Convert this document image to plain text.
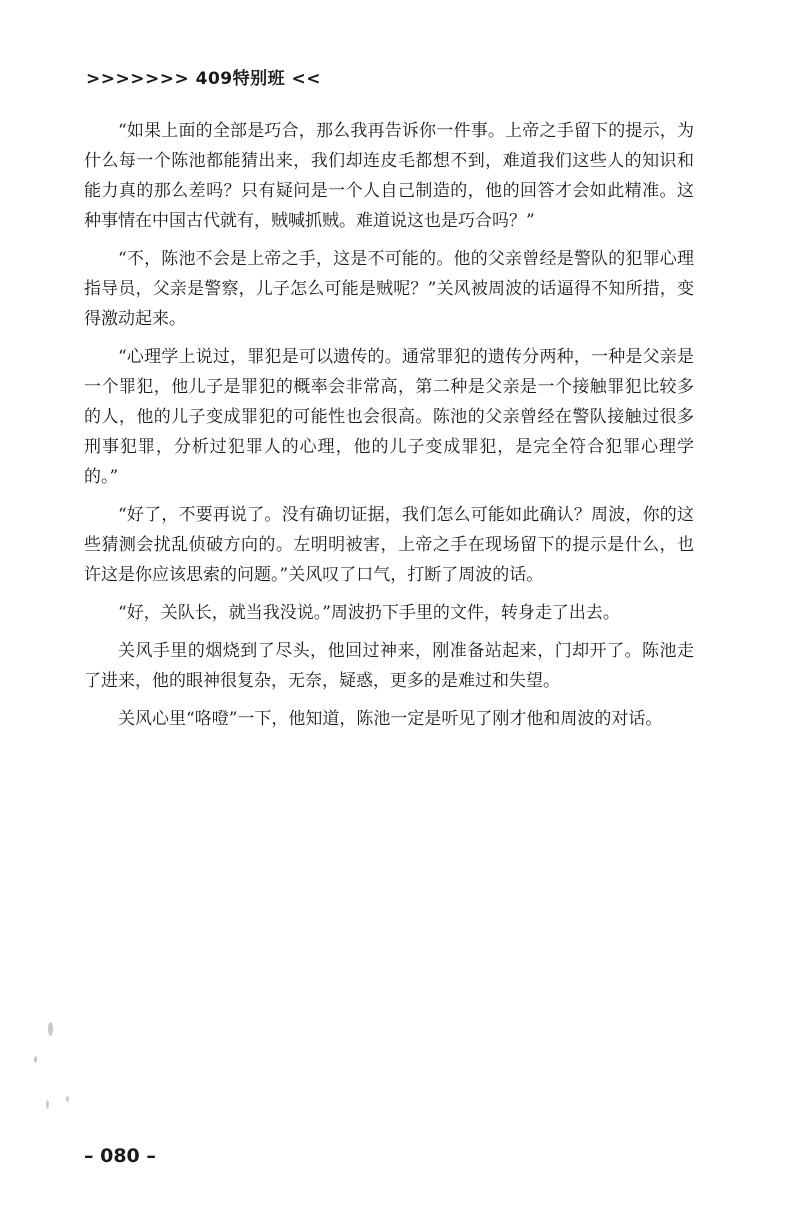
>>>>>>> 409特别班 <<

“如果上面的全部是巧合，那么我再告诉你一件事。上帝之手留下的提示，为什么每一个陈池都能猜出来，我们却连皮毛都想不到，难道我们这些人的知识和能力真的那么差吗？只有疑问是一个人自己制造的，他的回答才会如此精准。这种事情在中国古代就有，贼喊抓贼。难道说这也是巧合吗？”

“不，陈池不会是上帝之手，这是不可能的。他的父亲曾经是警队的犯罪心理指导员，父亲是警察，儿子怎么可能是贼呢？”关风被周波的话逼得不知所措，变得激动起来。

“心理学上说过，罪犯是可以遗传的。通常罪犯的遗传分两种，一种是父亲是一个罪犯，他儿子是罪犯的概率会非常高，第二种是父亲是一个接触罪犯比较多的人，他的儿子变成罪犯的可能性也会很高。陈池的父亲曾经在警队接触过很多刑事犯罪，分析过犯罪人的心理，他的儿子变成罪犯，是完全符合犯罪心理学的。”

“好了，不要再说了。没有确切证据，我们怎么可能如此确认？周波，你的这些猜测会扰乱侦破方向的。左明明被害，上帝之手在现场留下的提示是什么，也许这是你应该思索的问题。”关风叹了口气，打断了周波的话。

“好，关队长，就当我没说。”周波扔下手里的文件，转身走了出去。

关风手里的烟烧到了尽头，他回过神来，刚准备站起来，门却开了。陈池走了进来，他的眼神很复杂，无奈，疑惑，更多的是难过和失望。

关风心里“咯噔”一下，他知道，陈池一定是听见了刚才他和周波的对话。

– 080 –
